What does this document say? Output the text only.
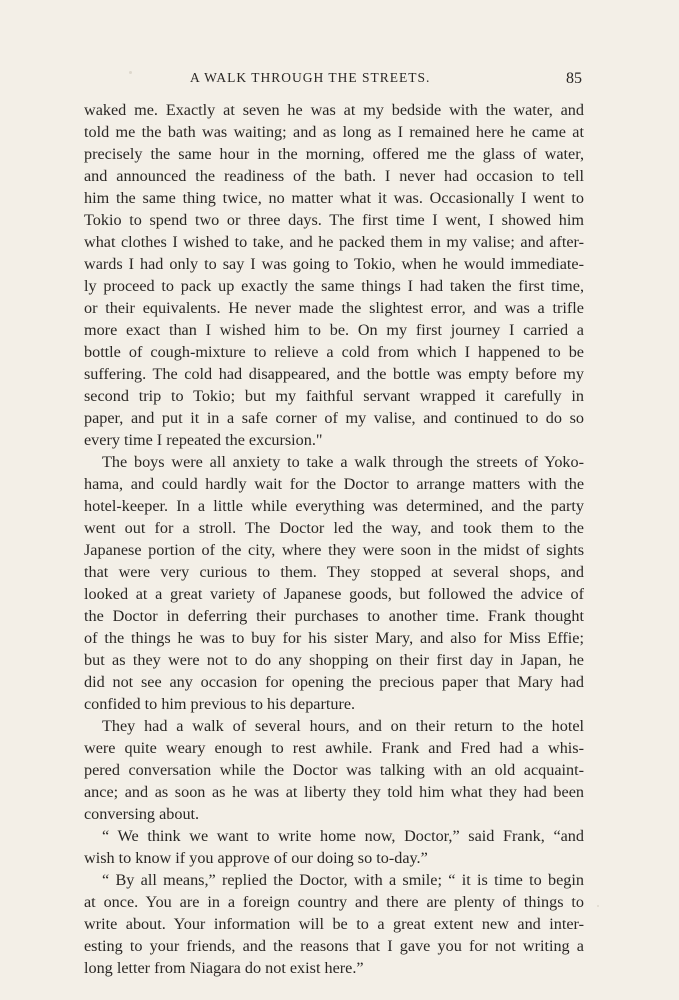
A WALK THROUGH THE STREETS.	85
waked me. Exactly at seven he was at my bedside with the water, and
told me the bath was waiting; and as long as I remained here he came at
precisely the same hour in the morning, offered me the glass of water,
and announced the readiness of the bath. I never had occasion to tell
him the same thing twice, no matter what it was. Occasionally I went to
Tokio to spend two or three days. The first time I went, I showed him
what clothes I wished to take, and he packed them in my valise; and after-
wards I had only to say I was going to Tokio, when he would immediate-
ly proceed to pack up exactly the same things I had taken the first time,
or their equivalents. He never made the slightest error, and was a trifle
more exact than I wished him to be. On my first journey I carried a
bottle of cough-mixture to relieve a cold from which I happened to be
suffering. The cold had disappeared, and the bottle was empty before my
second trip to Tokio; but my faithful servant wrapped it carefully in
paper, and put it in a safe corner of my valise, and continued to do so
every time I repeated the excursion."
The boys were all anxiety to take a walk through the streets of Yoko-
hama, and could hardly wait for the Doctor to arrange matters with the
hotel-keeper. In a little while everything was determined, and the party
went out for a stroll. The Doctor led the way, and took them to the
Japanese portion of the city, where they were soon in the midst of sights
that were very curious to them. They stopped at several shops, and
looked at a great variety of Japanese goods, but followed the advice of
the Doctor in deferring their purchases to another time. Frank thought
of the things he was to buy for his sister Mary, and also for Miss Effie;
but as they were not to do any shopping on their first day in Japan, he
did not see any occasion for opening the precious paper that Mary had
confided to him previous to his departure.
They had a walk of several hours, and on their return to the hotel
were quite weary enough to rest awhile. Frank and Fred had a whis-
pered conversation while the Doctor was talking with an old acquaint-
ance; and as soon as he was at liberty they told him what they had been
conversing about.
“ We think we want to write home now, Doctor,” said Frank, “and
wish to know if you approve of our doing so to-day.”
“ By all means,” replied the Doctor, with a smile; “ it is time to begin
at once. You are in a foreign country and there are plenty of things to
write about. Your information will be to a great extent new and inter-
esting to your friends, and the reasons that I gave you for not writing a
long letter from Niagara do not exist here.”
